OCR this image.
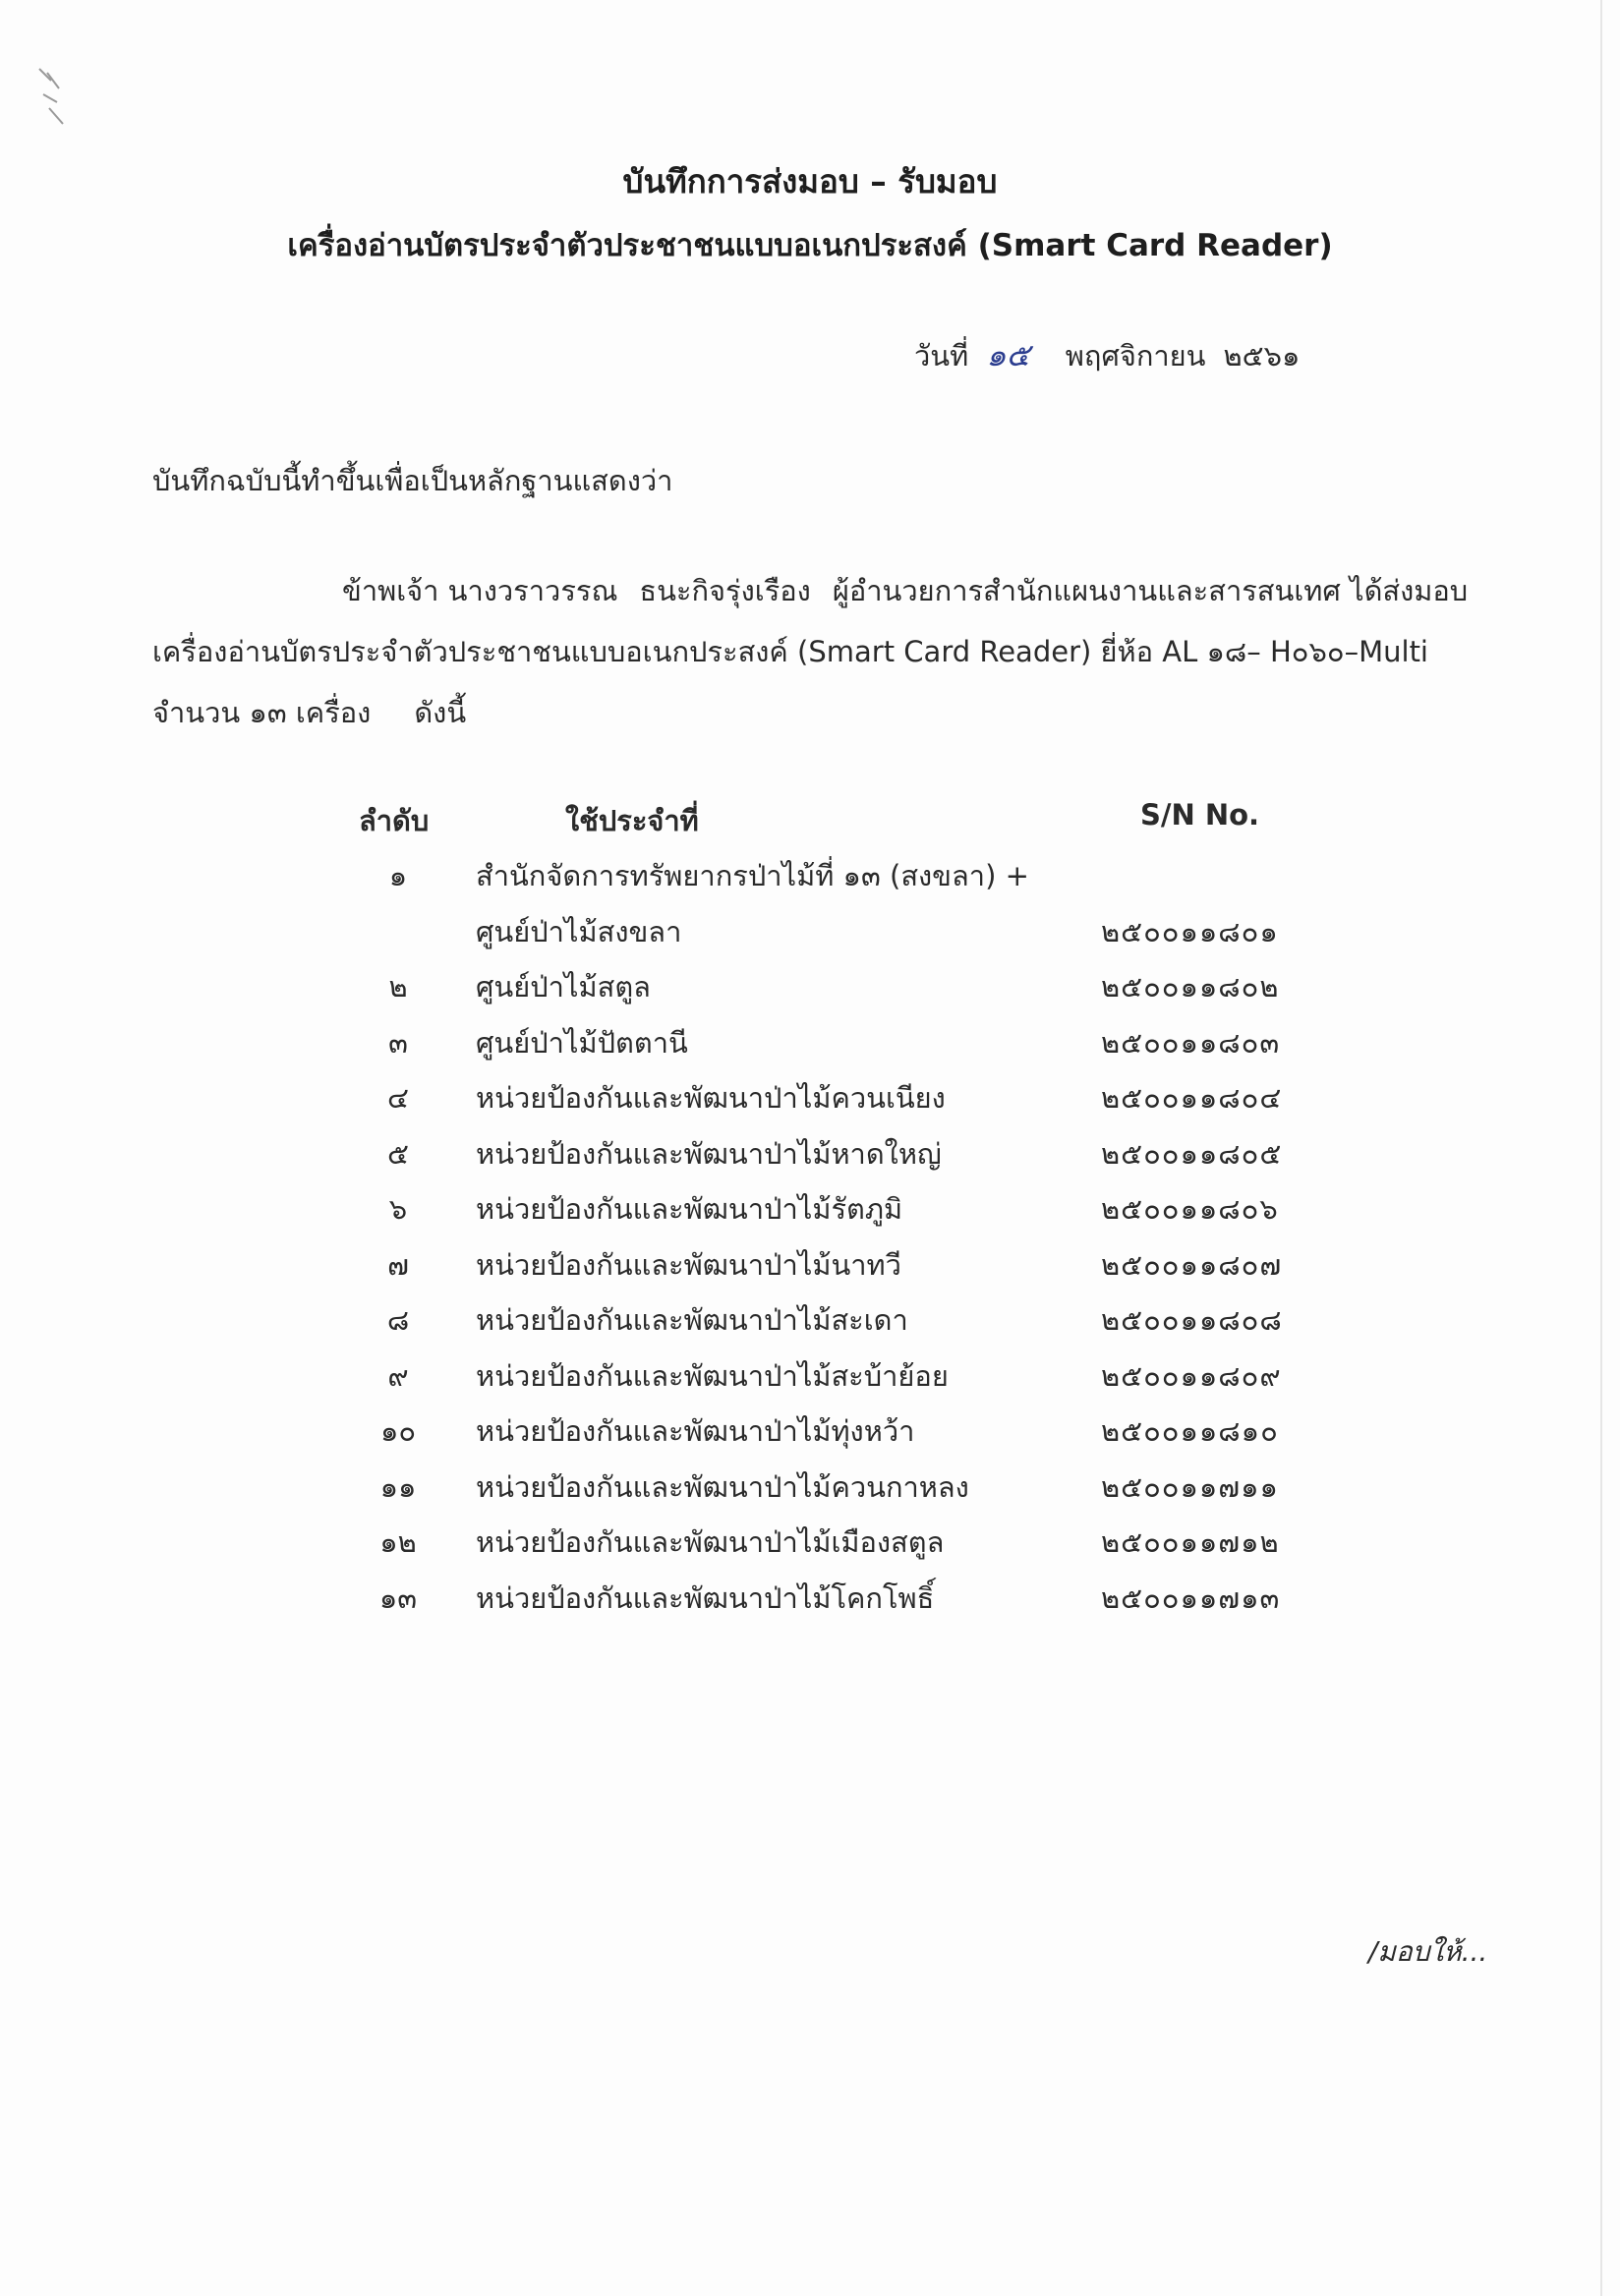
บันทึกการส่งมอบ – รับมอบ
เครื่องอ่านบัตรประจำตัวประชาชนแบบอเนกประสงค์ (Smart Card Reader)
วันที่ ๑๕ พฤศจิกายน ๒๕๖๑
บันทึกฉบับนี้ทำขึ้นเพื่อเป็นหลักฐานแสดงว่า
ข้าพเจ้า นางวราวรรณ ธนะกิจรุ่งเรือง ผู้อำนวยการสำนักแผนงานและสารสนเทศ ได้ส่งมอบ
เครื่องอ่านบัตรประจำตัวประชาชนแบบอเนกประสงค์ (Smart Card Reader) ยี่ห้อ AL ๑๘– H๐๖๐–Multi
จำนวน ๑๓ เครื่อง ดังนี้
ลำดับ	ใช้ประจำที่	S/N No.
๑	สำนักจัดการทรัพยากรป่าไม้ที่ ๑๓ (สงขลา) +
ศูนย์ป่าไม้สงขลา	๒๕๐๐๑๑๘๐๑
๒	ศูนย์ป่าไม้สตูล	๒๕๐๐๑๑๘๐๒
๓	ศูนย์ป่าไม้ปัตตานี	๒๕๐๐๑๑๘๐๓
๔	หน่วยป้องกันและพัฒนาป่าไม้ควนเนียง	๒๕๐๐๑๑๘๐๔
๕	หน่วยป้องกันและพัฒนาป่าไม้หาดใหญ่	๒๕๐๐๑๑๘๐๕
๖	หน่วยป้องกันและพัฒนาป่าไม้รัตภูมิ	๒๕๐๐๑๑๘๐๖
๗	หน่วยป้องกันและพัฒนาป่าไม้นาทวี	๒๕๐๐๑๑๘๐๗
๘	หน่วยป้องกันและพัฒนาป่าไม้สะเดา	๒๕๐๐๑๑๘๐๘
๙	หน่วยป้องกันและพัฒนาป่าไม้สะบ้าย้อย	๒๕๐๐๑๑๘๐๙
๑๐	หน่วยป้องกันและพัฒนาป่าไม้ทุ่งหว้า	๒๕๐๐๑๑๘๑๐
๑๑	หน่วยป้องกันและพัฒนาป่าไม้ควนกาหลง	๒๕๐๐๑๑๗๑๑
๑๒	หน่วยป้องกันและพัฒนาป่าไม้เมืองสตูล	๒๕๐๐๑๑๗๑๒
๑๓	หน่วยป้องกันและพัฒนาป่าไม้โคกโพธิ์	๒๕๐๐๑๑๗๑๓
/มอบให้...
